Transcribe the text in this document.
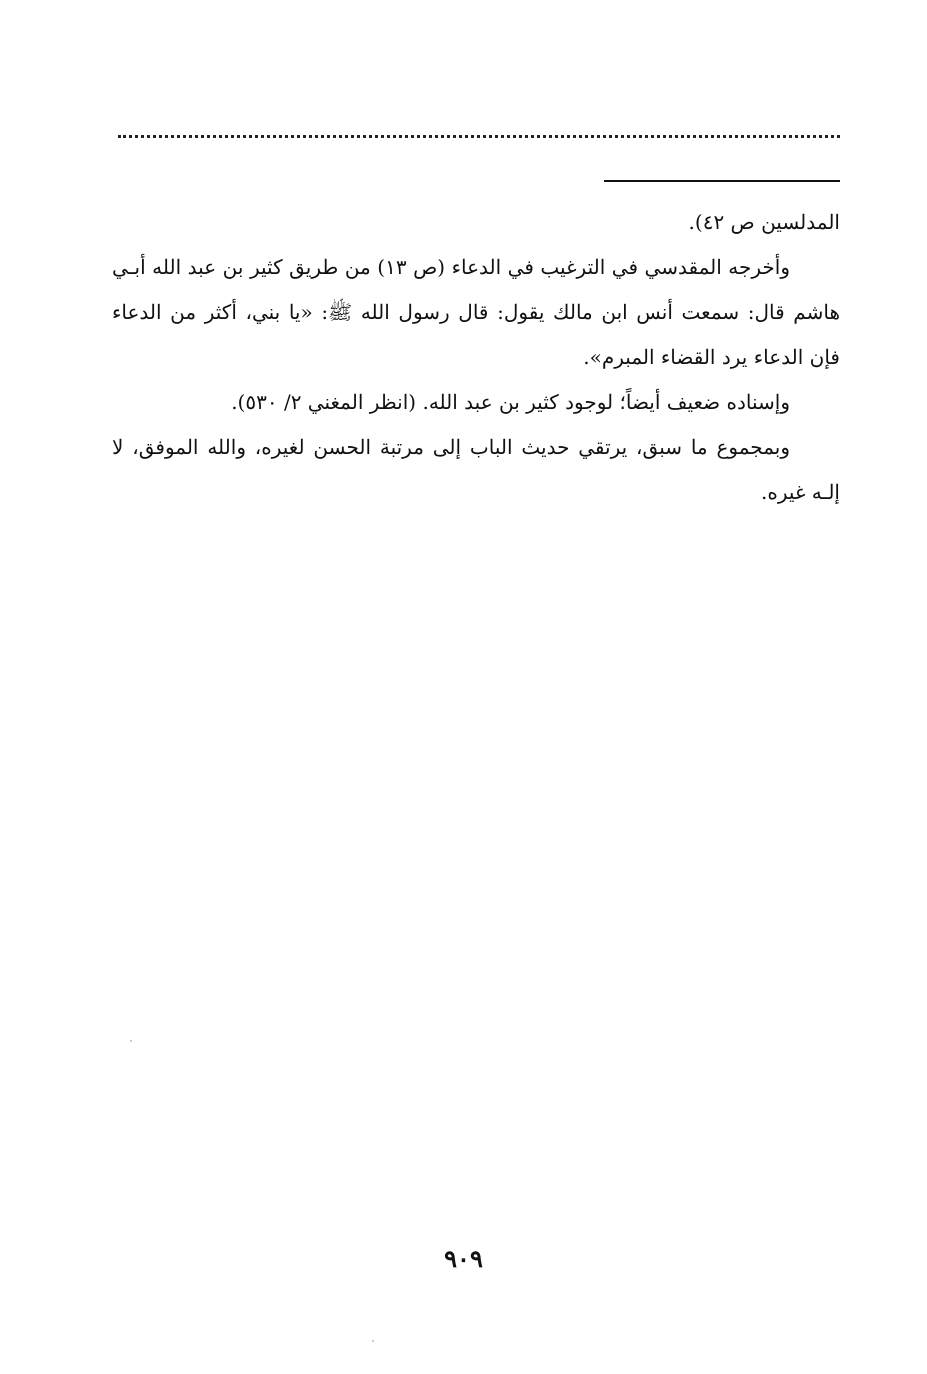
المدلسين ص ٤٢).

وأخرجه المقدسي في الترغيب في الدعاء (ص ١٣) من طريق كثير بن عبد الله أبـي هاشم قال: سمعت أنس ابن مالك يقول: قال رسول الله ﷺ: «يا بني، أكثر من الدعاء فإن الدعاء يرد القضاء المبرم».

وإسناده ضعيف أيضاً؛ لوجود كثير بن عبد الله. (انظر المغني ٢/ ٥٣٠).

وبمجموع ما سبق، يرتقي حديث الباب إلى مرتبة الحسن لغيره، والله الموفق، لا إلـه غيره.

٩٠٩
